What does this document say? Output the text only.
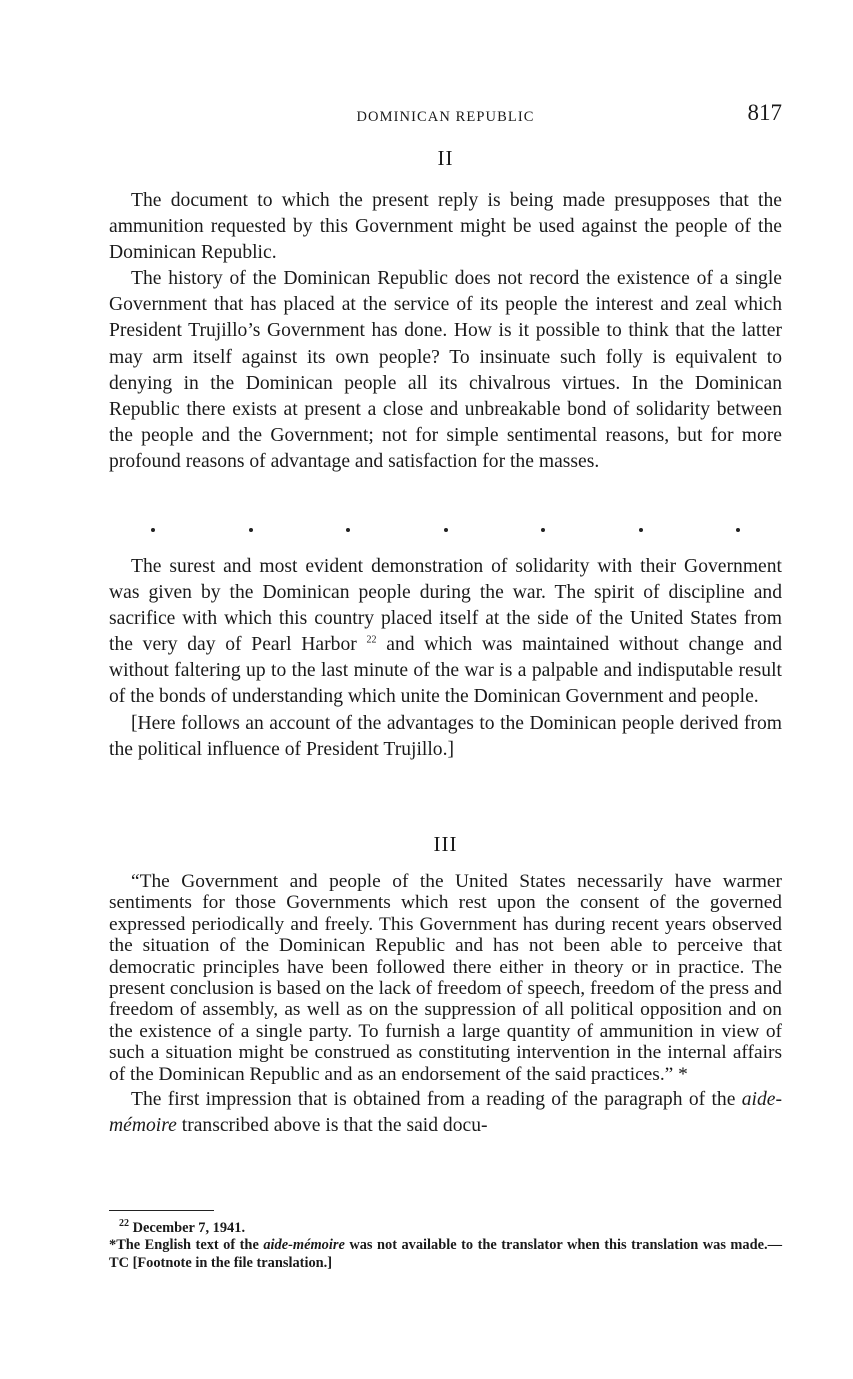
DOMINICAN REPUBLIC	817
II

The document to which the present reply is being made presupposes that the ammunition requested by this Government might be used against the people of the Dominican Republic.

The history of the Dominican Republic does not record the existence of a single Government that has placed at the service of its people the interest and zeal which President Trujillo’s Government has done. How is it possible to think that the latter may arm itself against its own people? To insinuate such folly is equivalent to denying in the Dominican people all its chivalrous virtues. In the Dominican Republic there exists at present a close and unbreakable bond of solidarity between the people and the Government; not for simple sentimental reasons, but for more profound reasons of advantage and satisfaction for the masses.

The surest and most evident demonstration of solidarity with their Government was given by the Dominican people during the war. The spirit of discipline and sacrifice with which this country placed itself at the side of the United States from the very day of Pearl Harbor $^{22}$ and which was maintained without change and without faltering up to the last minute of the war is a palpable and indisputable result of the bonds of understanding which unite the Dominican Government and people.

[Here follows an account of the advantages to the Dominican people derived from the political influence of President Trujillo.]

III

“The Government and people of the United States necessarily have warmer sentiments for those Governments which rest upon the consent of the governed expressed periodically and freely. This Government has during recent years observed the situation of the Dominican Republic and has not been able to perceive that democratic principles have been followed there either in theory or in practice. The present conclusion is based on the lack of freedom of speech, freedom of the press and freedom of assembly, as well as on the suppression of all political opposition and on the existence of a single party. To furnish a large quantity of ammunition in view of such a situation might be construed as constituting intervention in the internal affairs of the Dominican Republic and as an endorsement of the said practices.” *

The first impression that is obtained from a reading of the paragraph of the aide-mémoire transcribed above is that the said docu-

$^{22}$ December 7, 1941.

*The English text of the aide-mémoire was not available to the translator when this translation was made.—TC [Footnote in the file translation.]
